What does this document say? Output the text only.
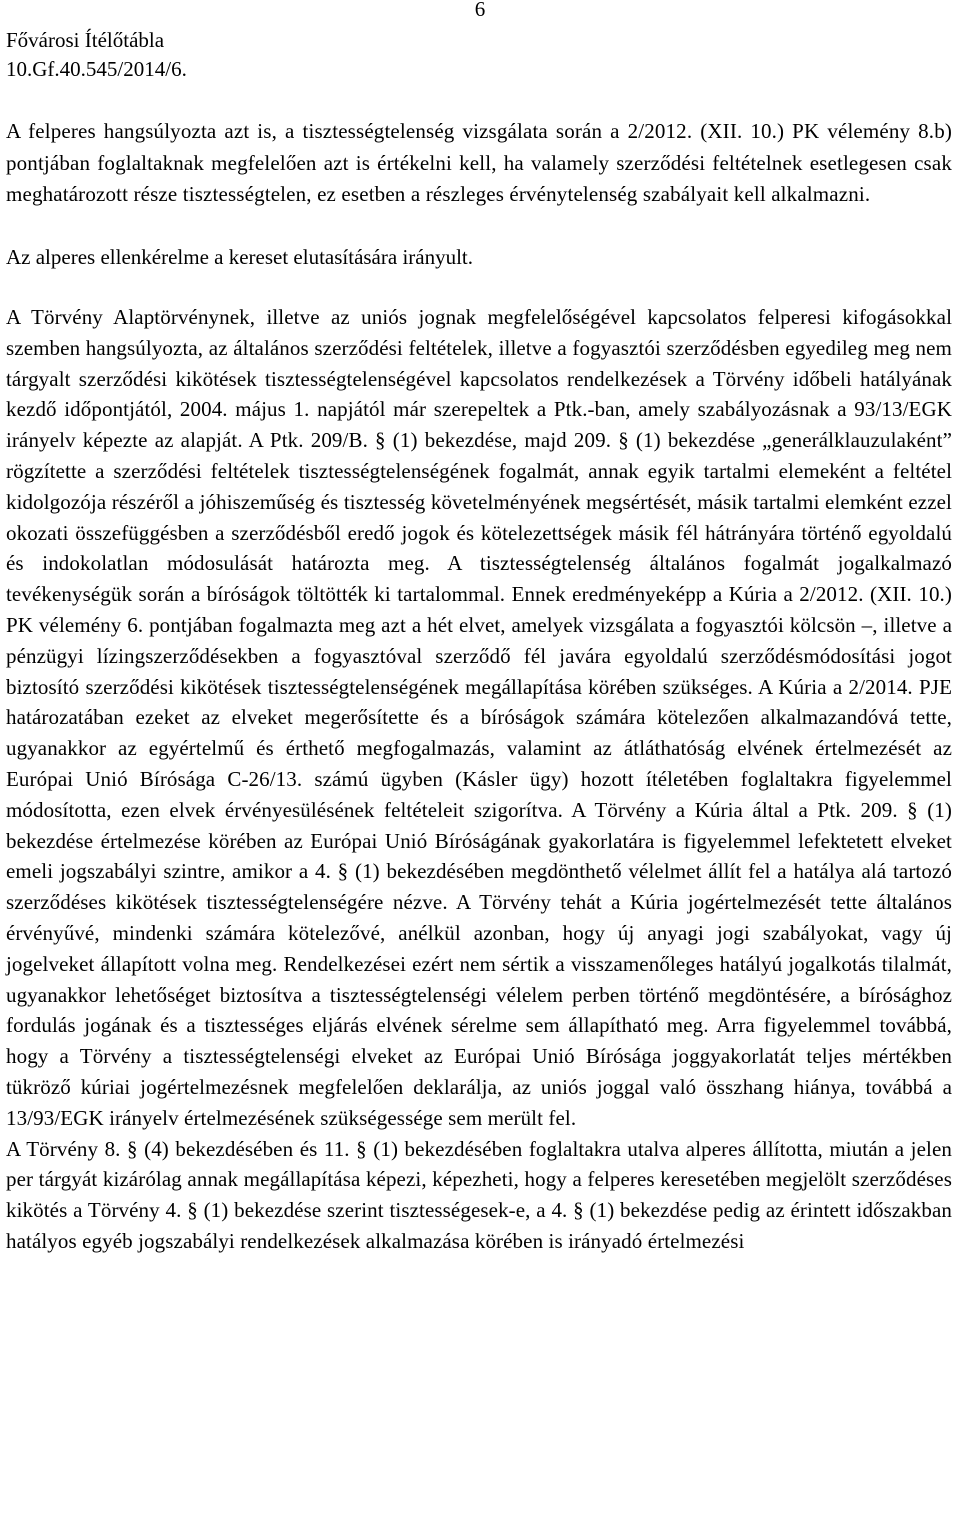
6
Fővárosi Ítélőtábla
10.Gf.40.545/2014/6.

A felperes hangsúlyozta azt is, a tisztességtelenség vizsgálata során a 2/2012. (XII. 10.) PK vélemény 8.b) pontjában foglaltaknak megfelelően azt is értékelni kell, ha valamely szerződési feltételnek esetlegesen csak meghatározott része tisztességtelen, ez esetben a részleges érvénytelenség szabályait kell alkalmazni.

Az alperes ellenkérelme a kereset elutasítására irányult.

A Törvény Alaptörvénynek, illetve az uniós jognak megfelelőségével kapcsolatos felperesi kifogásokkal szemben hangsúlyozta, az általános szerződési feltételek, illetve a fogyasztói szerződésben egyedileg meg nem tárgyalt szerződési kikötések tisztességtelenségével kapcsolatos rendelkezések a Törvény időbeli hatályának kezdő időpontjától, 2004. május 1. napjától már szerepeltek a Ptk.-ban, amely szabályozásnak a 93/13/EGK irányelv képezte az alapját. A Ptk. 209/B. § (1) bekezdése, majd 209. § (1) bekezdése „generálklauzulaként” rögzítette a szerződési feltételek tisztességtelenségének fogalmát, annak egyik tartalmi elemeként a feltétel kidolgozója részéről a jóhiszeműség és tisztesség követelményének megsértését, másik tartalmi elemként ezzel okozati összefüggésben a szerződésből eredő jogok és kötelezettségek másik fél hátrányára történő egyoldalú és indokolatlan módosulását határozta meg. A tisztességtelenség általános fogalmát jogalkalmazó tevékenységük során a bíróságok töltötték ki tartalommal. Ennek eredményeképp a Kúria a 2/2012. (XII. 10.) PK vélemény 6. pontjában fogalmazta meg azt a hét elvet, amelyek vizsgálata a fogyasztói kölcsön –, illetve a pénzügyi lízingszerződésekben a fogyasztóval szerződő fél javára egyoldalú szerződésmódosítási jogot biztosító szerződési kikötések tisztességtelenségének megállapítása körében szükséges. A Kúria a 2/2014. PJE határozatában ezeket az elveket megerősítette és a bíróságok számára kötelezően alkalmazandóvá tette, ugyanakkor az egyértelmű és érthető megfogalmazás, valamint az átláthatóság elvének értelmezését az Európai Unió Bírósága C-26/13. számú ügyben (Kásler ügy) hozott ítéletében foglaltakra figyelemmel módosította, ezen elvek érvényesülésének feltételeit szigorítva. A Törvény a Kúria által a Ptk. 209. § (1) bekezdése értelmezése körében az Európai Unió Bíróságának gyakorlatára is figyelemmel lefektetett elveket emeli jogszabályi szintre, amikor a 4. § (1) bekezdésében megdönthető vélelmet állít fel a hatálya alá tartozó szerződéses kikötések tisztességtelenségére nézve. A Törvény tehát a Kúria jogértelmezését tette általános érvényűvé, mindenki számára kötelezővé, anélkül azonban, hogy új anyagi jogi szabályokat, vagy új jogelveket állapított volna meg. Rendelkezései ezért nem sértik a visszamenőleges hatályú jogalkotás tilalmát, ugyanakkor lehetőséget biztosítva a tisztességtelenségi vélelem perben történő megdöntésére, a bírósághoz fordulás jogának és a tisztességes eljárás elvének sérelme sem állapítható meg. Arra figyelemmel továbbá, hogy a Törvény a tisztességtelenségi elveket az Európai Unió Bírósága joggyakorlatát teljes mértékben tükröző kúriai jogértelmezésnek megfelelően deklarálja, az uniós joggal való összhang hiánya, továbbá a 13/93/EGK irányelv értelmezésének szükségessége sem merült fel.

A Törvény 8. § (4) bekezdésében és 11. § (1) bekezdésében foglaltakra utalva alperes állította, miután a jelen per tárgyát kizárólag annak megállapítása képezi, képezheti, hogy a felperes keresetében megjelölt szerződéses kikötés a Törvény 4. § (1) bekezdése szerint tisztességesek-e, a 4. § (1) bekezdése pedig az érintett időszakban hatályos egyéb jogszabályi rendelkezések alkalmazása körében is irányadó értelmezési
